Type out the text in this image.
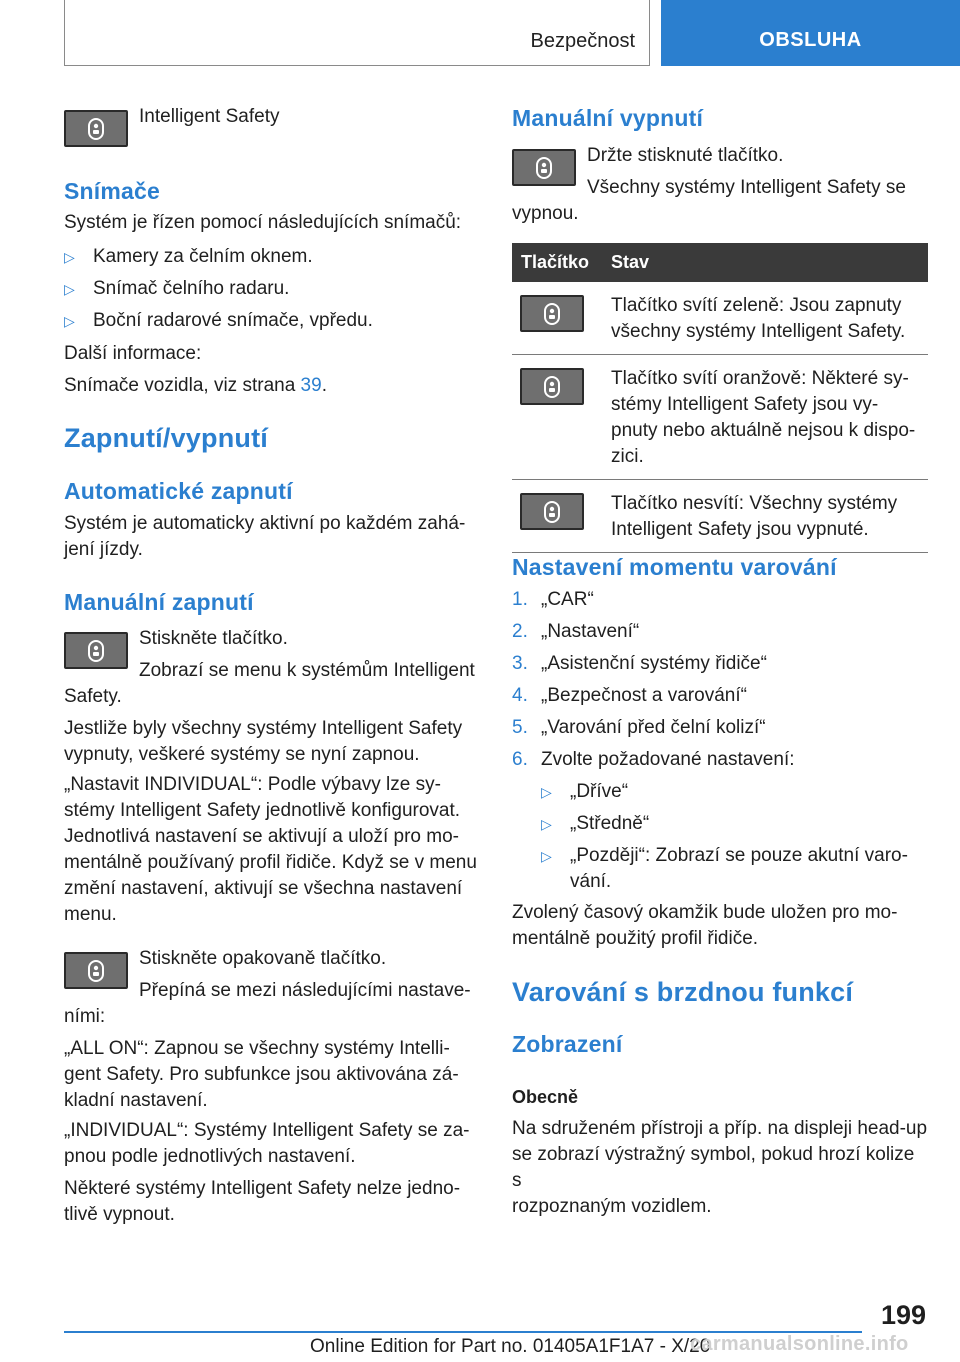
Bezpečnost	OBSLUHA
Intelligent Safety
Snímače

Systém je řízen pomocí následujících snímačů:

▷ Kamery za čelním oknem.
▷ Snímač čelního radaru.
▷ Boční radarové snímače, vpředu.

Další informace:

Snímače vozidla, viz strana 39.

Zapnutí/vypnutí
Automatické zapnutí

Systém je automaticky aktivní po každém zahá-
jení jízdy.

Manuální zapnutí

Stiskněte tlačítko.

Zobrazí se menu k systémům Intelligent

Safety.

Jestliže byly všechny systémy Intelligent Safety
vypnuty, veškeré systémy se nyní zapnou.

„Nastavit INDIVIDUAL“: Podle výbavy lze sy-
stémy Intelligent Safety jednotlivě konfigurovat.
Jednotlivá nastavení se aktivují a uloží pro mo-
mentálně používaný profil řidiče. Když se v menu
změní nastavení, aktivují se všechna nastavení
menu.

Stiskněte opakovaně tlačítko.

Přepíná se mezi následujícími nastave-

ními:

„ALL ON“: Zapnou se všechny systémy Intelli-
gent Safety. Pro subfunkce jsou aktivována zá-
kladní nastavení.

„INDIVIDUAL“: Systémy Intelligent Safety se za-
pnou podle jednotlivých nastavení.

Některé systémy Intelligent Safety nelze jedno-
tlivě vypnout.

Manuální vypnutí

Držte stisknuté tlačítko.

Všechny systémy Intelligent Safety se

vypnou.

Tlačítko	Stav

	Tlačítko svítí zeleně: Jsou zapnuty
všechny systémy Intelligent Safety.

	Tlačítko svítí oranžově: Některé sy-
stémy Intelligent Safety jsou vy-
pnuty nebo aktuálně nejsou k dispo-
zici.

	Tlačítko nesvítí: Všechny systémy
Intelligent Safety jsou vypnuté.
Nastavení momentu varování
1. „CAR“
2. „Nastavení“
3. „Asistenční systémy řidiče“
4. „Bezpečnost a varování“
5. „Varování před čelní kolizí“
6. Zvolte požadované nastavení:
▷ „Dříve“
▷ „Středně“
▷ „Později“: Zobrazí se pouze akutní varo-
vání.

Zvolený časový okamžik bude uložen pro mo-
mentálně použitý profil řidiče.

Varování s brzdnou funkcí
Zobrazení
Obecně

Na sdruženém přístroji a příp. na displeji head-up
se zobrazí výstražný symbol, pokud hrozí kolize s
rozpoznaným vozidlem.

199
Online Edition for Part no. 01405A1F1A7 - X/20
carmanualsonline.info
